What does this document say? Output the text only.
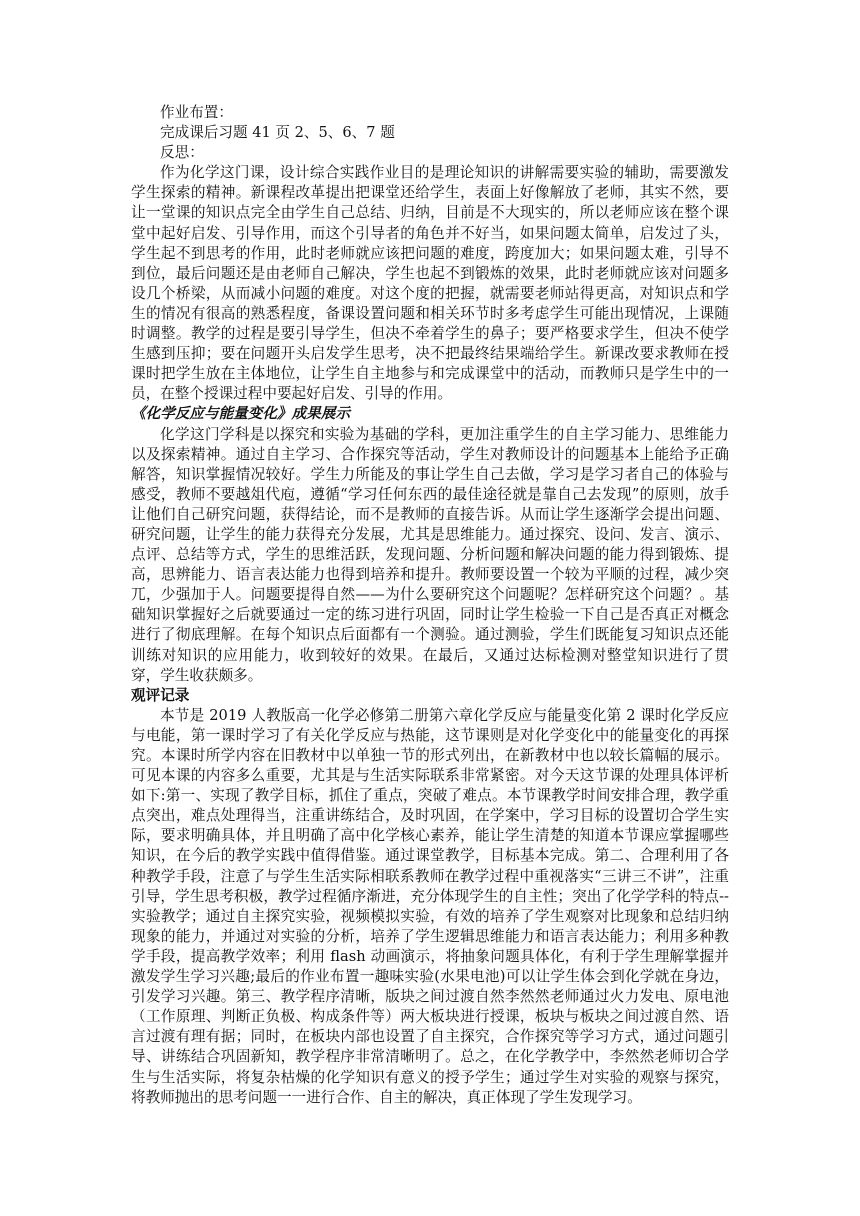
作业布置：

完成课后习题 41 页 2、5、6、7 题

反思：

作为化学这门课，设计综合实践作业目的是理论知识的讲解需要实验的辅助，需要激发学生探索的精神。新课程改革提出把课堂还给学生，表面上好像解放了老师，其实不然，要让一堂课的知识点完全由学生自己总结、归纳，目前是不大现实的，所以老师应该在整个课堂中起好启发、引导作用，而这个引导者的角色并不好当，如果问题太简单，启发过了头，学生起不到思考的作用，此时老师就应该把问题的难度，跨度加大；如果问题太难，引导不到位，最后问题还是由老师自己解决，学生也起不到锻炼的效果，此时老师就应该对问题多设几个桥梁，从而减小问题的难度。对这个度的把握，就需要老师站得更高，对知识点和学生的情况有很高的熟悉程度，备课设置问题和相关环节时多考虑学生可能出现情况，上课随时调整。教学的过程是要引导学生，但决不牵着学生的鼻子；要严格要求学生，但决不使学生感到压抑；要在问题开头启发学生思考，决不把最终结果端给学生。新课改要求教师在授课时把学生放在主体地位，让学生自主地参与和完成课堂中的活动，而教师只是学生中的一员，在整个授课过程中要起好启发、引导的作用。

《化学反应与能量变化》成果展示

化学这门学科是以探究和实验为基础的学科，更加注重学生的自主学习能力、思维能力以及探索精神。通过自主学习、合作探究等活动，学生对教师设计的问题基本上能给予正确解答，知识掌握情况较好。学生力所能及的事让学生自己去做，学习是学习者自己的体验与感受，教师不要越俎代庖，遵循“学习任何东西的最佳途径就是靠自己去发现”的原则，放手让他们自己研究问题，获得结论，而不是教师的直接告诉。从而让学生逐渐学会提出问题、研究问题，让学生的能力获得充分发展，尤其是思维能力。通过探究、设问、发言、演示、点评、总结等方式，学生的思维活跃，发现问题、分析问题和解决问题的能力得到锻炼、提高，思辨能力、语言表达能力也得到培养和提升。教师要设置一个较为平顺的过程，减少突兀，少强加于人。问题要提得自然——为什么要研究这个问题呢？怎样研究这个问题？。基础知识掌握好之后就要通过一定的练习进行巩固，同时让学生检验一下自己是否真正对概念进行了彻底理解。在每个知识点后面都有一个测验。通过测验，学生们既能复习知识点还能训练对知识的应用能力，收到较好的效果。在最后，又通过达标检测对整堂知识进行了贯穿，学生收获颇多。

观评记录

本节是 2019 人教版高一化学必修第二册第六章化学反应与能量变化第 2 课时化学反应与电能，第一课时学习了有关化学反应与热能，这节课则是对化学变化中的能量变化的再探究。本课时所学内容在旧教材中以单独一节的形式列出，在新教材中也以较长篇幅的展示。可见本课的内容多么重要，尤其是与生活实际联系非常紧密。对今天这节课的处理具体评析如下:第一、实现了教学目标，抓住了重点，突破了难点。本节课教学时间安排合理，教学重点突出，难点处理得当，注重讲练结合，及时巩固，在学案中，学习目标的设置切合学生实际，要求明确具体，并且明确了高中化学核心素养，能让学生清楚的知道本节课应掌握哪些知识，在今后的教学实践中值得借鉴。通过课堂教学，目标基本完成。第二、合理利用了各种教学手段，注意了与学生生活实际相联系教师在教学过程中重视落实“三讲三不讲”，注重引导，学生思考积极，教学过程循序渐进，充分体现学生的自主性；突出了化学学科的特点--实验教学；通过自主探究实验，视频模拟实验，有效的培养了学生观察对比现象和总结归纳现象的能力，并通过对实验的分析，培养了学生逻辑思维能力和语言表达能力；利用多种教学手段，提高教学效率；利用 flash 动画演示，将抽象问题具体化，有利于学生理解掌握并激发学生学习兴趣;最后的作业布置一趣味实验(水果电池)可以让学生体会到化学就在身边，引发学习兴趣。第三、教学程序清晰，版块之间过渡自然李然然老师通过火力发电、原电池（工作原理、判断正负极、构成条件等）两大板块进行授课，板块与板块之间过渡自然、语言过渡有理有据；同时，在板块内部也设置了自主探究，合作探究等学习方式，通过问题引导、讲练结合巩固新知，教学程序非常清晰明了。总之，在化学教学中，李然然老师切合学生与生活实际，将复杂枯燥的化学知识有意义的授予学生；通过学生对实验的观察与探究，将教师抛出的思考问题一一进行合作、自主的解决，真正体现了学生发现学习。
